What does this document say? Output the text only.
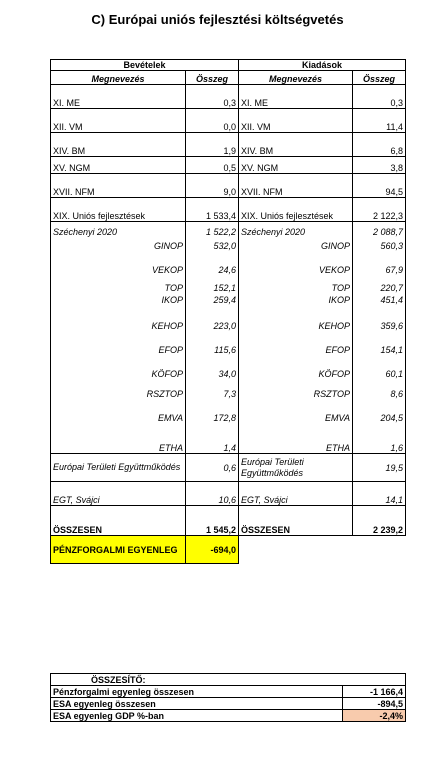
C) Európai uniós fejlesztési költségvetés
Bevételek		Kiadások	
Megnevezés	Összeg	Megnevezés	Összeg
XI. ME	0,3	XI. ME	0,3
XII. VM	0,0	XII. VM	11,4
XIV. BM	1,9	XIV. BM	6,8
XV. NGM	0,5	XV. NGM	3,8
XVII. NFM	9,0	XVII. NFM	94,5
XIX. Uniós fejlesztések	1 533,4	XIX. Uniós fejlesztések	2 122,3
Széchenyi 2020	1 522,2	Széchenyi 2020	2 088,7
GINOP	532,0	GINOP	560,3
VEKOP	24,6	VEKOP	67,9
TOP	152,1	TOP	220,7
IKOP	259,4	IKOP	451,4
KEHOP	223,0	KEHOP	359,6
EFOP	115,6	EFOP	154,1
KÖFOP	34,0	KÖFOP	60,1
RSZTOP	7,3	RSZTOP	8,6
EMVA	172,8	EMVA	204,5
ETHA	1,4	ETHA	1,6
Európai Területi Együttműködés	0,6	Európai Területi Együttműködés	19,5
EGT, Svájci	10,6	EGT, Svájci	14,1
ÖSSZESEN	1 545,2	ÖSSZESEN	2 239,2
PÉNZFORGALMI EGYENLEG	-694,0		
ÖSSZESÍTŐ:	
Pénzforgalmi egyenleg összesen	-1 166,4
ESA egyenleg összesen	-894,5
ESA egyenleg GDP %-ban	-2,4%
